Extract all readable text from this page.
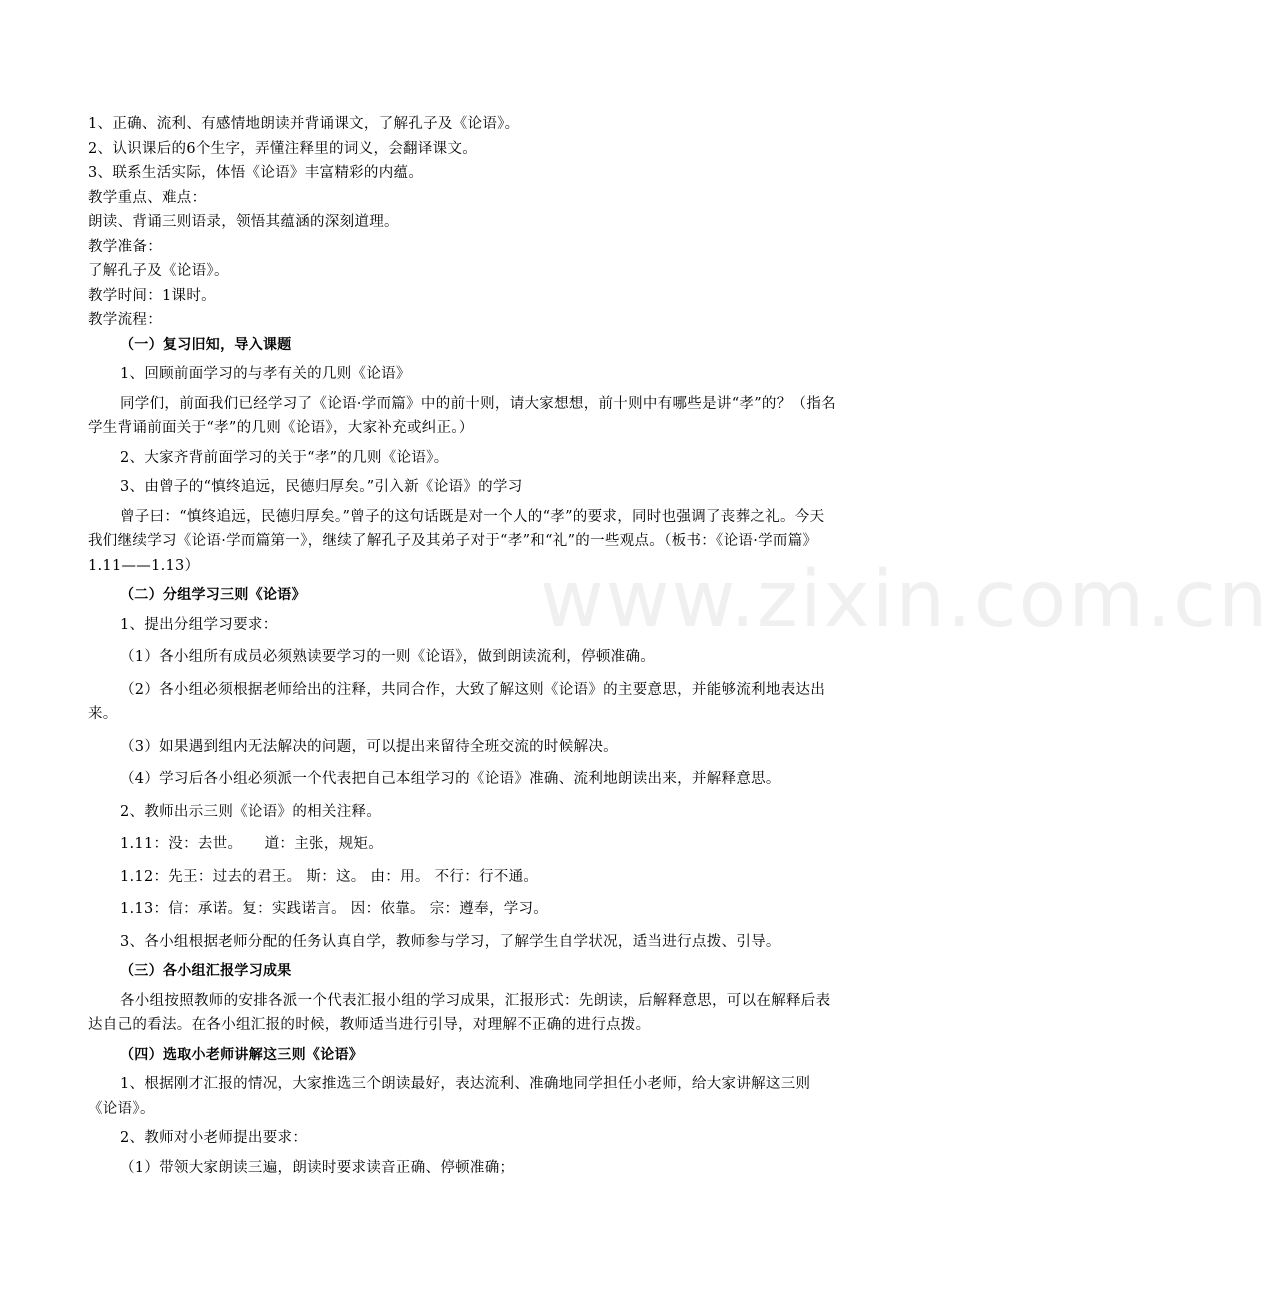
www.zixin.com.cn
1、正确、流利、有感情地朗读并背诵课文，了解孔子及《论语》。
2、认识课后的6个生字，弄懂注释里的词义，会翻译课文。
3、联系生活实际，体悟《论语》丰富精彩的内蕴。
教学重点、难点：
朗读、背诵三则语录，领悟其蕴涵的深刻道理。
教学准备：
了解孔子及《论语》。
教学时间：1课时。
教学流程：
（一）复习旧知，导入课题
1、回顾前面学习的与孝有关的几则《论语》
同学们，前面我们已经学习了《论语·学而篇》中的前十则，请大家想想，前十则中有哪些是讲“孝”的？（指名学生背诵前面关于“孝”的几则《论语》，大家补充或纠正。）
2、大家齐背前面学习的关于“孝”的几则《论语》。
3、由曾子的“慎终追远，民德归厚矣。”引入新《论语》的学习
曾子曰：“慎终追远，民德归厚矣。”曾子的这句话既是对一个人的“孝”的要求，同时也强调了丧葬之礼。今天我们继续学习《论语·学而篇第一》，继续了解孔子及其弟子对于“孝”和“礼”的一些观点。（板书：《论语·学而篇》1.11——1.13）
（二）分组学习三则《论语》
1、提出分组学习要求：
（1）各小组所有成员必须熟读要学习的一则《论语》，做到朗读流利，停顿准确。
（2）各小组必须根据老师给出的注释，共同合作，大致了解这则《论语》的主要意思，并能够流利地表达出来。
（3）如果遇到组内无法解决的问题，可以提出来留待全班交流的时候解决。
（4）学习后各小组必须派一个代表把自己本组学习的《论语》准确、流利地朗读出来，并解释意思。
2、教师出示三则《论语》的相关注释。
1.11：没：去世。　　道：主张，规矩。
1.12：先王：过去的君王。 斯：这。 由：用。 不行：行不通。
1.13：信：承诺。复：实践诺言。 因：依靠。 宗：遵奉，学习。
3、各小组根据老师分配的任务认真自学，教师参与学习，了解学生自学状况，适当进行点拨、引导。
（三）各小组汇报学习成果
各小组按照教师的安排各派一个代表汇报小组的学习成果，汇报形式：先朗读，后解释意思，可以在解释后表达自己的看法。在各小组汇报的时候，教师适当进行引导，对理解不正确的进行点拨。
（四）选取小老师讲解这三则《论语》
1、根据刚才汇报的情况，大家推选三个朗读最好，表达流利、准确地同学担任小老师，给大家讲解这三则《论语》。
2、教师对小老师提出要求：
（1）带领大家朗读三遍，朗读时要求读音正确、停顿准确；
